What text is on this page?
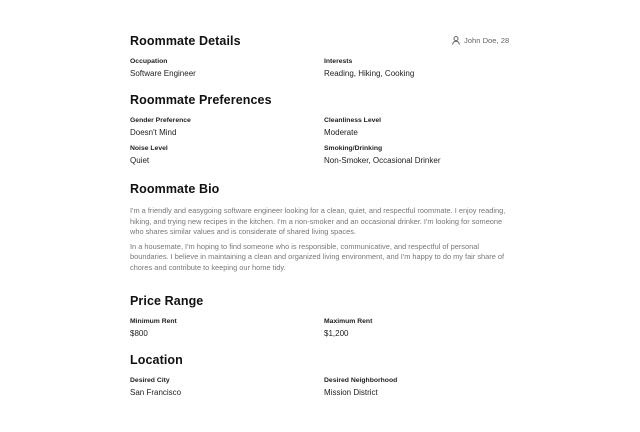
John Doe, 28
Roommate Details
Occupation
Software Engineer
Interests
Reading, Hiking, Cooking
Roommate Preferences
Gender Preference
Doesn't Mind
Cleanliness Level
Moderate
Noise Level
Quiet
Smoking/Drinking
Non-Smoker, Occasional Drinker
Roommate Bio

I'm a friendly and easygoing software engineer looking for a clean, quiet, and respectful roommate. I enjoy reading, hiking, and trying new recipes in the kitchen. I'm a non-smoker and an occasional drinker. I'm looking for someone who shares similar values and is considerate of shared living spaces.

In a housemate, I'm hoping to find someone who is responsible, communicative, and respectful of personal boundaries. I believe in maintaining a clean and organized living environment, and I'm happy to do my fair share of chores and contribute to keeping our home tidy.

Price Range
Minimum Rent
$800
Maximum Rent
$1,200
Location
Desired City
San Francisco
Desired Neighborhood
Mission District
